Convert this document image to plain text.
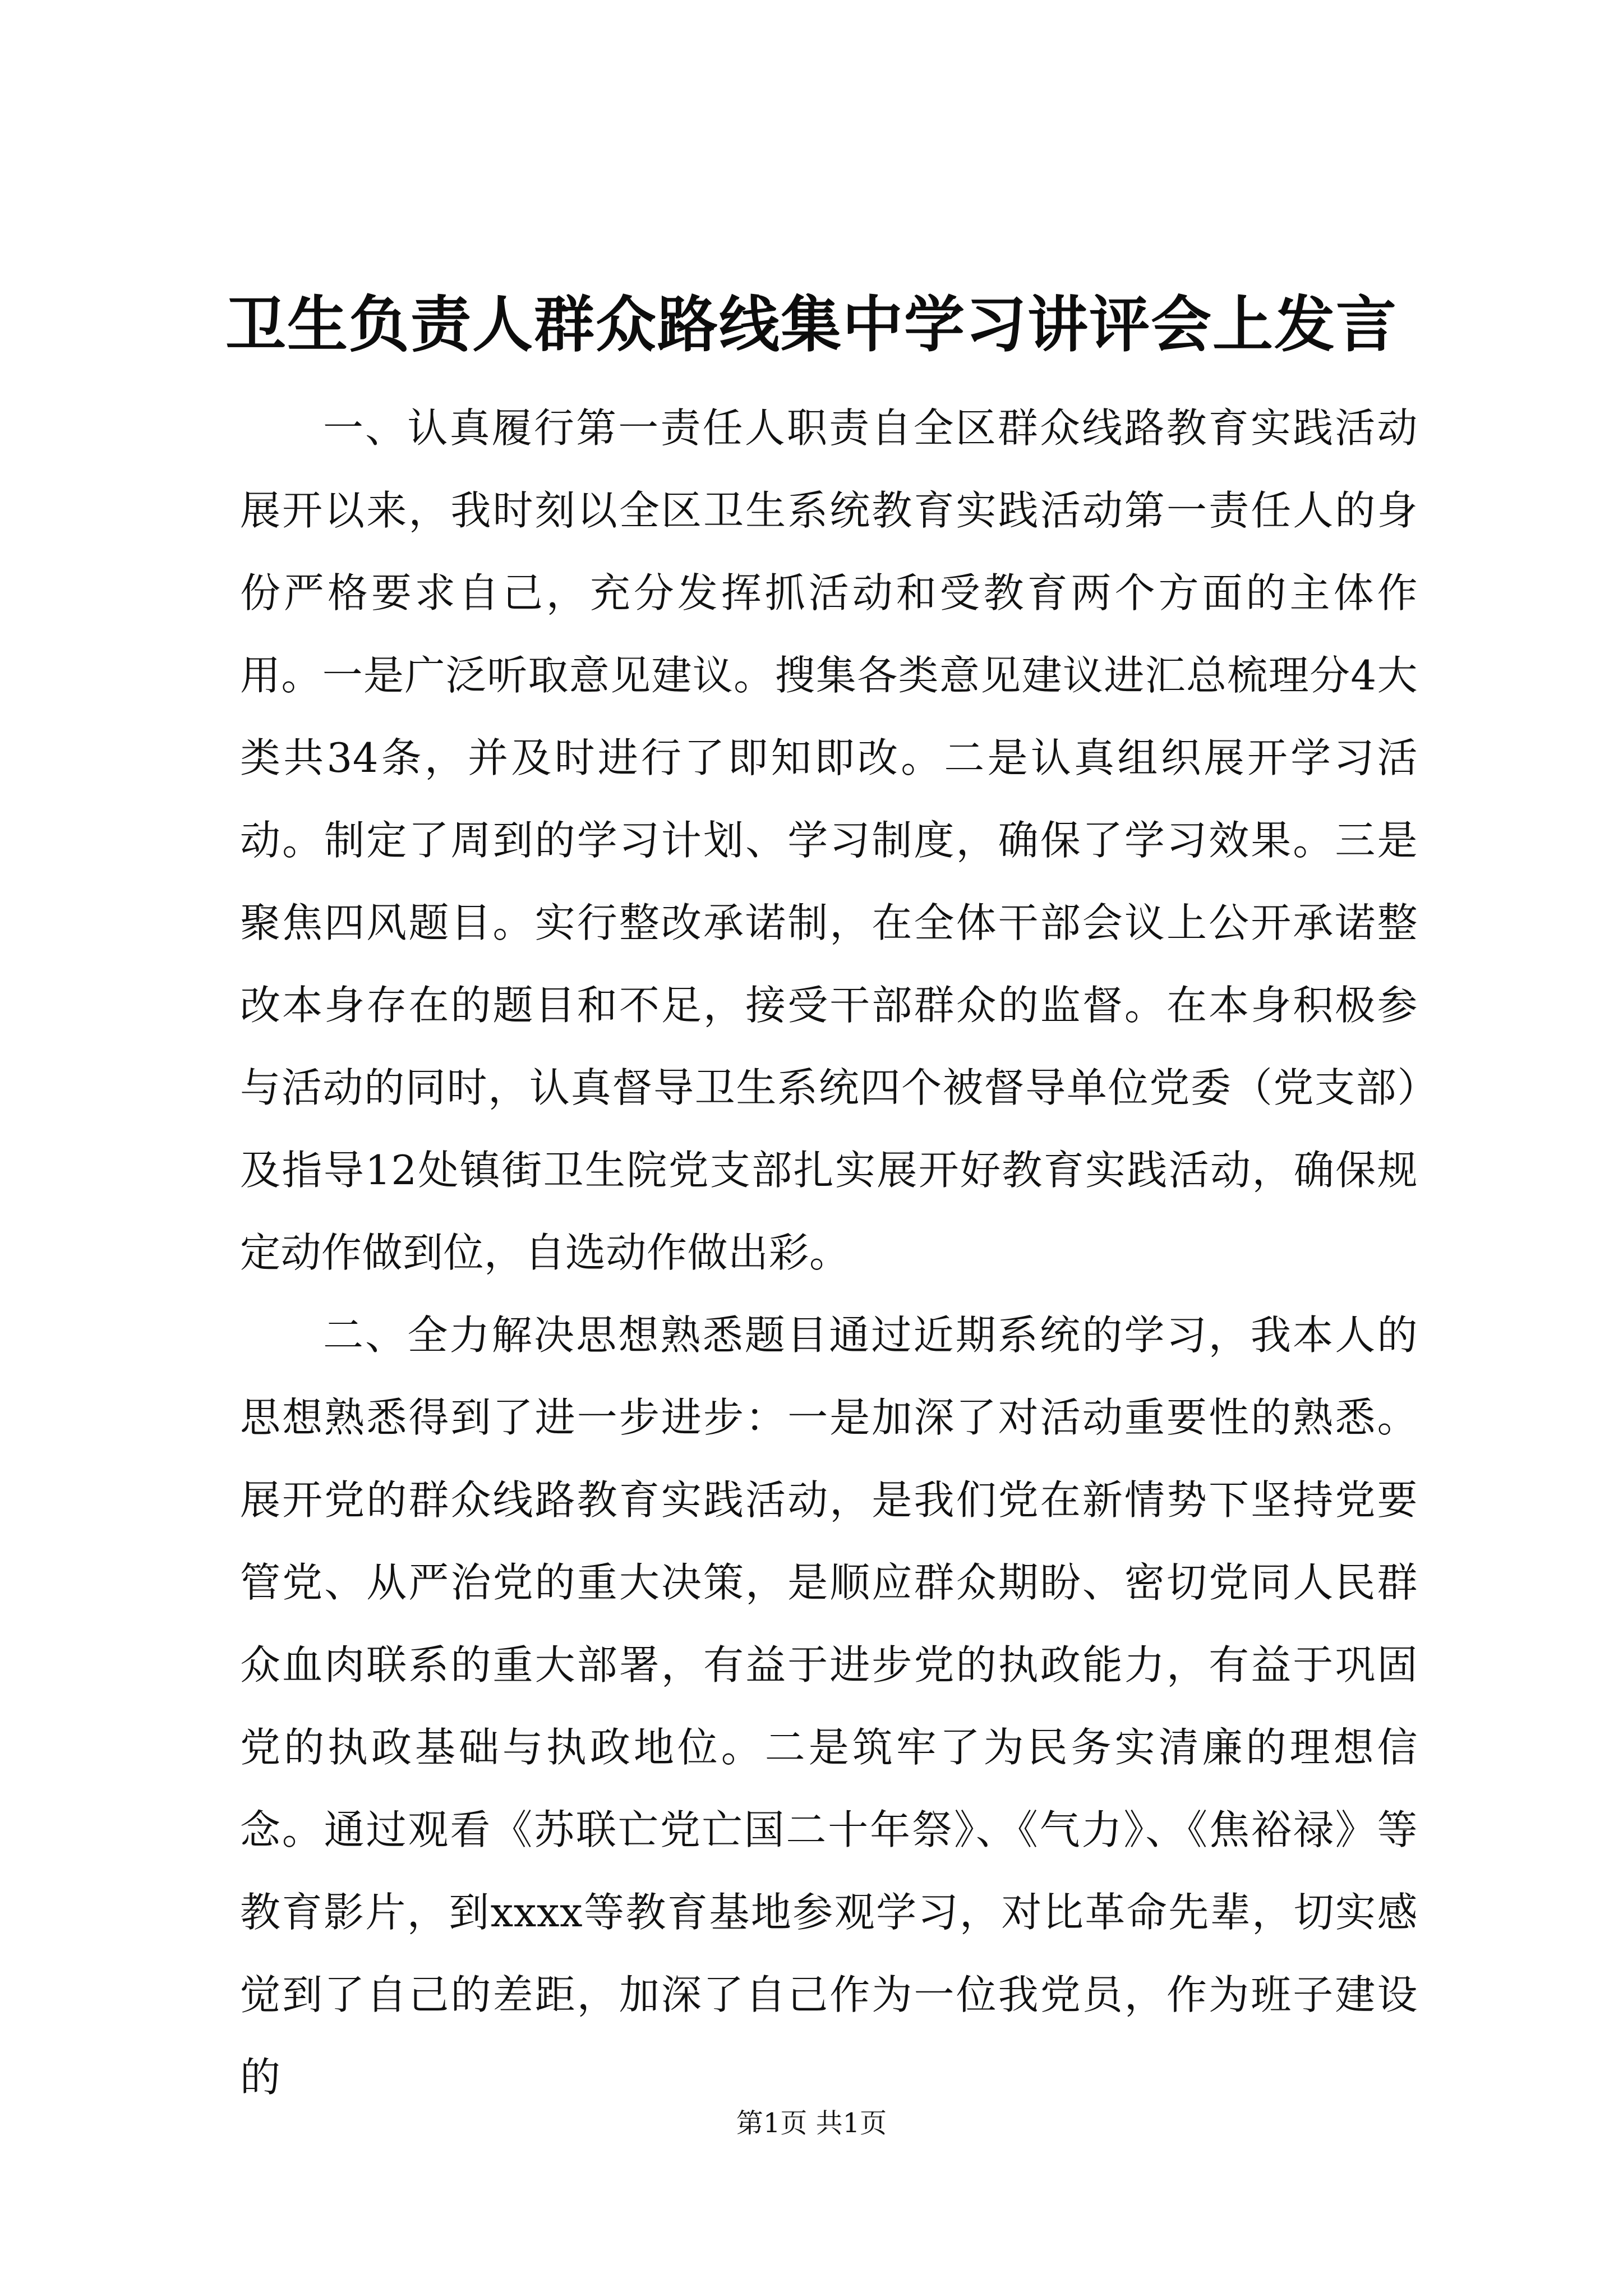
卫生负责人群众路线集中学习讲评会上发言

一、认真履行第一责任人职责自全区群众线路教育实践活动展开以来，我时刻以全区卫生系统教育实践活动第一责任人的身份严格要求自己，充分发挥抓活动和受教育两个方面的主体作用。一是广泛听取意见建议。搜集各类意见建议进汇总梳理分4大类共34条，并及时进行了即知即改。二是认真组织展开学习活动。制定了周到的学习计划、学习制度，确保了学习效果。三是聚焦四风题目。实行整改承诺制，在全体干部会议上公开承诺整改本身存在的题目和不足，接受干部群众的监督。在本身积极参与活动的同时，认真督导卫生系统四个被督导单位党委（党支部）及指导12处镇街卫生院党支部扎实展开好教育实践活动，确保规定动作做到位，自选动作做出彩。

二、全力解决思想熟悉题目通过近期系统的学习，我本人的思想熟悉得到了进一步进步：一是加深了对活动重要性的熟悉。展开党的群众线路教育实践活动，是我们党在新情势下坚持党要管党、从严治党的重大决策，是顺应群众期盼、密切党同人民群众血肉联系的重大部署，有益于进步党的执政能力，有益于巩固党的执政基础与执政地位。二是筑牢了为民务实清廉的理想信念。通过观看《苏联亡党亡国二十年祭》、《气力》、《焦裕禄》等教育影片，到xxxx等教育基地参观学习，对比革命先辈，切实感觉到了自己的差距，加深了自己作为一位我党员，作为班子建设的

第1页 共1页
